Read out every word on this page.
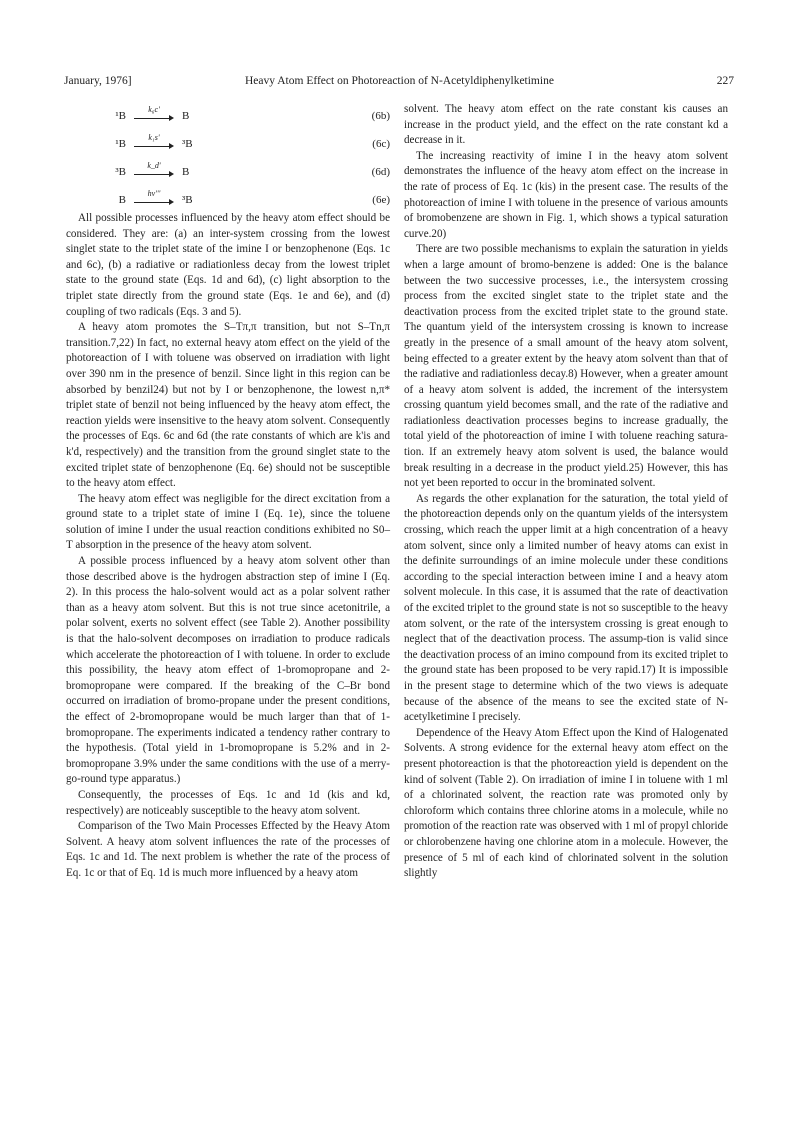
January, 1976]	Heavy Atom Effect on Photoreaction of N-Acetyldiphenylketimine	227
¹B
k₆c'
B	(6b)
¹B
k₁s'
³B	(6c)
³B
k_d'
B	(6d)
B
hν'''
³B	(6e)

All possible processes influenced by the heavy atom effect should be considered. They are: (a) an inter-system crossing from the lowest singlet state to the triplet state of the imine I or benzophenone (Eqs. 1c and 6c), (b) a radiative or radiationless decay from the lowest triplet state to the ground state (Eqs. 1d and 6d), (c) light absorption to the triplet state directly from the ground state (Eqs. 1e and 6e), and (d) coupling of two radicals (Eqs. 3 and 5).

A heavy atom promotes the S–Tπ,π transition, but not S–Tn,π transition.7,22) In fact, no external heavy atom effect on the yield of the photoreaction of I with toluene was observed on irradiation with light over 390 nm in the presence of benzil. Since light in this region can be absorbed by benzil24) but not by I or benzophenone, the lowest n,π* triplet state of benzil not being influenced by the heavy atom effect, the reaction yields were insensitive to the heavy atom solvent. Consequently the processes of Eqs. 6c and 6d (the rate constants of which are k'is and k'd, respectively) and the transition from the ground singlet state to the excited triplet state of benzophenone (Eq. 6e) should not be susceptible to the heavy atom effect.

The heavy atom effect was negligible for the direct excitation from a ground state to a triplet state of imine I (Eq. 1e), since the toluene solution of imine I under the usual reaction conditions exhibited no S0–T absorption in the presence of the heavy atom solvent.

A possible process influenced by a heavy atom solvent other than those described above is the hydrogen abstraction step of imine I (Eq. 2). In this process the halo-solvent would act as a polar solvent rather than as a heavy atom solvent. But this is not true since acetonitrile, a polar solvent, exerts no solvent effect (see Table 2). Another possibility is that the halo-solvent decomposes on irradiation to produce radicals which accelerate the photoreaction of I with toluene. In order to exclude this possibility, the heavy atom effect of 1-bromopropane and 2-bromopropane were compared. If the breaking of the C–Br bond occurred on irradiation of bromo-propane under the present conditions, the effect of 2-bromopropane would be much larger than that of 1-bromopropane. The experiments indicated a tendency rather contrary to the hypothesis. (Total yield in 1-bromopropane is 5.2% and in 2-bromopropane 3.9% under the same conditions with the use of a merry-go-round type apparatus.)

Consequently, the processes of Eqs. 1c and 1d (kis and kd, respectively) are noticeably susceptible to the heavy atom solvent.

Comparison of the Two Main Processes Effected by the Heavy Atom Solvent. A heavy atom solvent influences the rate of the processes of Eqs. 1c and 1d. The next problem is whether the rate of the process of Eq. 1c or that of Eq. 1d is much more influenced by a heavy atom

solvent. The heavy atom effect on the rate constant kis causes an increase in the product yield, and the effect on the rate constant kd a decrease in it.

The increasing reactivity of imine I in the heavy atom solvent demonstrates the influence of the heavy atom effect on the increase in the rate of process of Eq. 1c (kis) in the present case. The results of the photoreaction of imine I with toluene in the presence of various amounts of bromobenzene are shown in Fig. 1, which shows a typical saturation curve.20)

There are two possible mechanisms to explain the saturation in yields when a large amount of bromo-benzene is added: One is the balance between the two successive processes, i.e., the intersystem crossing process from the excited singlet state to the triplet state and the deactivation process from the excited triplet state to the ground state. The quantum yield of the intersystem crossing is known to increase greatly in the presence of a small amount of the heavy atom solvent, being effected to a greater extent by the heavy atom solvent than that of the radiative and radiationless decay.8) However, when a greater amount of a heavy atom solvent is added, the increment of the intersystem crossing quantum yield becomes small, and the rate of the radiative and radiationless deactivation processes begins to increase gradually, the total yield of the photoreaction of imine I with toluene reaching satura-tion. If an extremely heavy atom solvent is used, the balance would break resulting in a decrease in the product yield.25) However, this has not yet been reported to occur in the brominated solvent.

As regards the other explanation for the saturation, the total yield of the photoreaction depends only on the quantum yields of the intersystem crossing, which reach the upper limit at a high concentration of a heavy atom solvent, since only a limited number of heavy atoms can exist in the definite surroundings of an imine molecule under these conditions according to the special interaction between imine I and a heavy atom solvent molecule. In this case, it is assumed that the rate of deactivation of the excited triplet to the ground state is not so susceptible to the heavy atom solvent, or the rate of the intersystem crossing is great enough to neglect that of the deactivation process. The assump-tion is valid since the deactivation process of an imino compound from its excited triplet to the ground state has been proposed to be very rapid.17) It is impossible in the present stage to determine which of the two views is adequate because of the absence of the means to see the excited state of N-acetylketimine I precisely.

Dependence of the Heavy Atom Effect upon the Kind of Halogenated Solvents. A strong evidence for the external heavy atom effect on the present photoreaction is that the photoreaction yield is dependent on the kind of solvent (Table 2). On irradiation of imine I in toluene with 1 ml of a chlorinated solvent, the reaction rate was promoted only by chloroform which contains three chlorine atoms in a molecule, while no promotion of the reaction rate was observed with 1 ml of propyl chloride or chlorobenzene having one chlorine atom in a molecule. However, the presence of 5 ml of each kind of chlorinated solvent in the solution slightly
